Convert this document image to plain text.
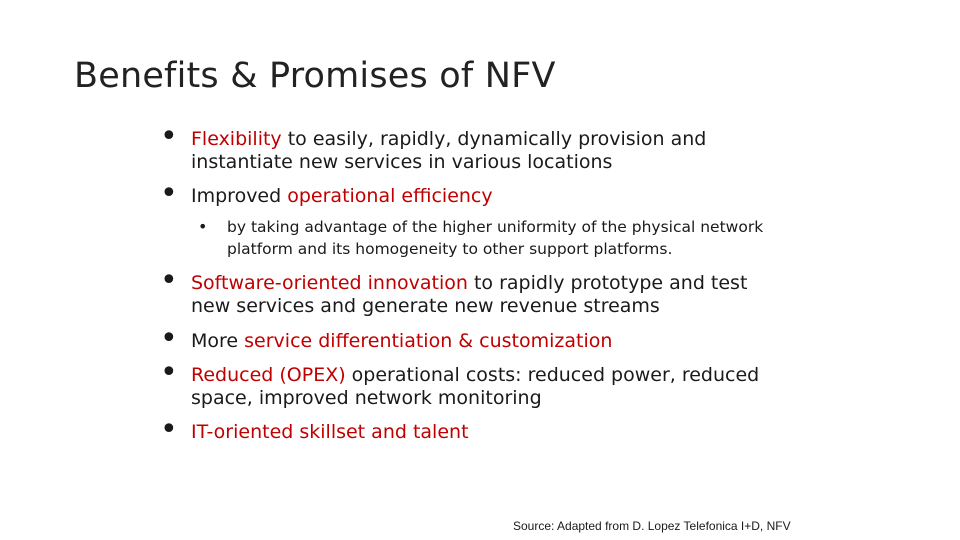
Benefits & Promises of NFV
• Flexibility to easily, rapidly, dynamically provision and instantiate new services in various locations
• Improved operational efficiency
• by taking advantage of the higher uniformity of the physical network platform and its homogeneity to other support platforms.
• Software-oriented innovation to rapidly prototype and test new services and generate new revenue streams
• More service differentiation & customization
• Reduced (OPEX) operational costs: reduced power, reduced space, improved network monitoring
• IT-oriented skillset and talent
Source: Adapted from D. Lopez Telefonica I+D, NFV
